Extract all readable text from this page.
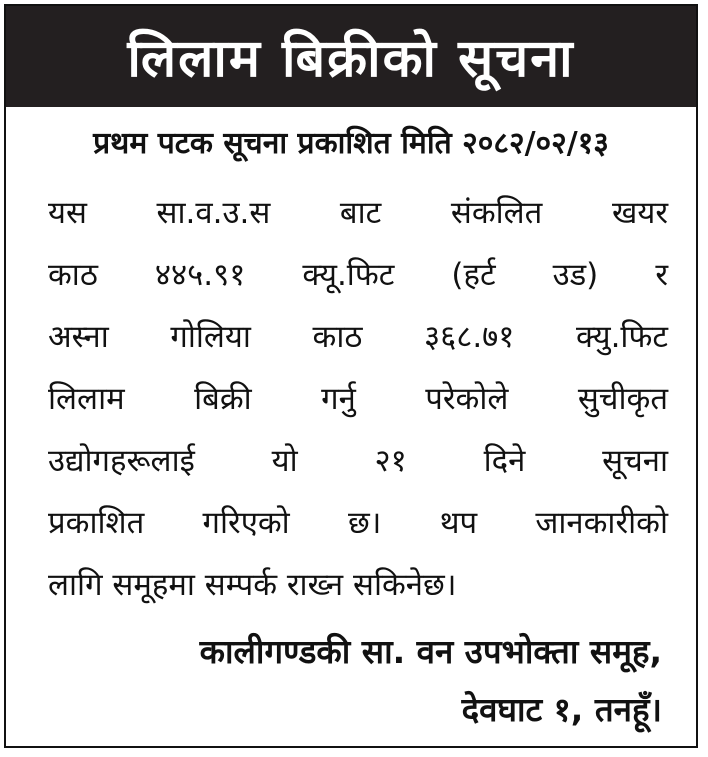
लिलाम बिक्रीको सूचना
प्रथम पटक सूचना प्रकाशित मिति २०८२/०२/१३
यस सा.व.उ.स बाट संकलित खयर
काठ ४४५.९१ क्यू.फिट (हर्ट उड) र
अस्ना गोलिया काठ ३६८.७१ क्यु.फिट
लिलाम बिक्री गर्नु परेकोले सुचीकृत
उद्योगहरूलाई यो २१ दिने सूचना
प्रकाशित गरिएको छ। थप जानकारीको
लागि समूहमा सम्पर्क राख्न सकिनेछ।
कालीगण्डकी सा. वन उपभोक्ता समूह,
देवघाट १, तनहूँ।
